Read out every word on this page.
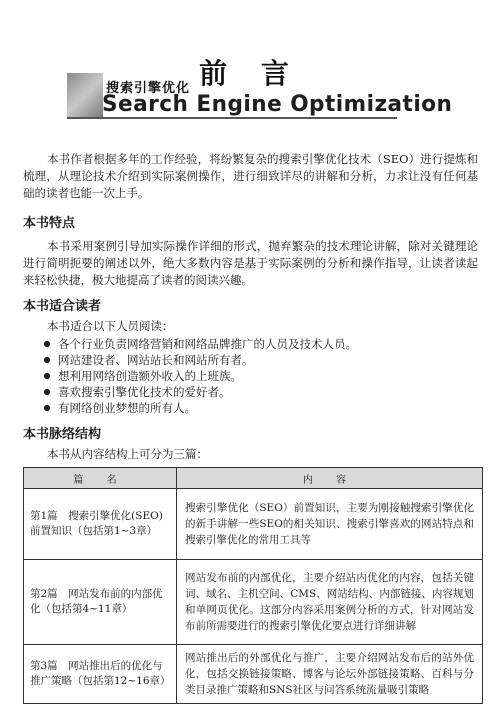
前 言
搜索引擎优化
Search Engine Optimization
本书作者根据多年的工作经验，将纷繁复杂的搜索引擎优化技术（SEO）进行提炼和梳理，从理论技术介绍到实际案例操作，进行细致详尽的讲解和分析，力求让没有任何基础的读者也能一次上手。
本书特点
本书采用案例引导加实际操作详细的形式，抛弃繁杂的技术理论讲解，除对关键理论进行简明扼要的阐述以外，绝大多数内容是基于实际案例的分析和操作指导，让读者读起来轻松快捷，极大地提高了读者的阅读兴趣。
本书适合读者
本书适合以下人员阅读：
各个行业负责网络营销和网络品牌推广的人员及技术人员。
网站建设者、网站站长和网站所有者。
想利用网络创造额外收入的上班族。
喜欢搜索引擎优化技术的爱好者。
有网络创业梦想的所有人。
本书脉络结构
本书从内容结构上可分为三篇：
篇 名	内 容
第1篇　搜索引擎优化(SEO)前置知识（包括第1~3章）	搜索引擎优化（SEO）前置知识，主要为刚接触搜索引擎优化的新手讲解一些SEO的相关知识、搜索引擎喜欢的网站特点和搜索引擎优化的常用工具等
第2篇　网站发布前的内部优化（包括第4~11章）	网站发布前的内部优化，主要介绍站内优化的内容，包括关键词、域名、主机空间、CMS、网站结构、内部链接、内容规划和单网页优化。这部分内容采用案例分析的方式，针对网站发布前所需要进行的搜索引擎优化要点进行详细讲解
第3篇　网站推出后的优化与推广策略（包括第12~16章）	网站推出后的外部优化与推广，主要介绍网站发布后的站外优化，包括交换链接策略、博客与论坛外部链接策略、百科与分类目录推广策略和SNS社区与问答系统流量吸引策略
